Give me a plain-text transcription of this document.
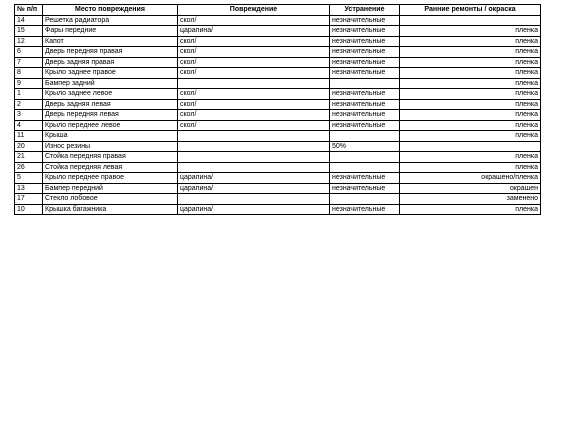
№ п/п	Место повреждения	Повреждение	Устранение	Ранние ремонты / окраска
14	Решетка радиатора	скол/	незначительные	
15	Фары передние	царапина/	незначительные	пленка
12	Капот	скол/	незначительные	пленка
6	Дверь передняя правая	скол/	незначительные	пленка
7	Дверь задняя правая	скол/	незначительные	пленка
8	Крыло заднее правое	скол/	незначительные	пленка
9	Бампер задний			пленка
1	Крыло заднее левое	скол/	незначительные	пленка
2	Дверь задняя левая	скол/	незначительные	пленка
3	Дверь передняя левая	скол/	незначительные	пленка
4	Крыло переднее левое	скол/	незначительные	пленка
11	Крыша			пленка
20	Износ резины		50%	
21	Стойка передняя правая			пленка
26	Стойка передняя левая			пленка
5	Крыло переднее правое	царапина/	незначительные	окрашено/пленка
13	Бампер передний	царапина/	незначительные	окрашен
17	Стекло лобовое			заменено
10	Крышка багажника	царапина/	незначительные	пленка
